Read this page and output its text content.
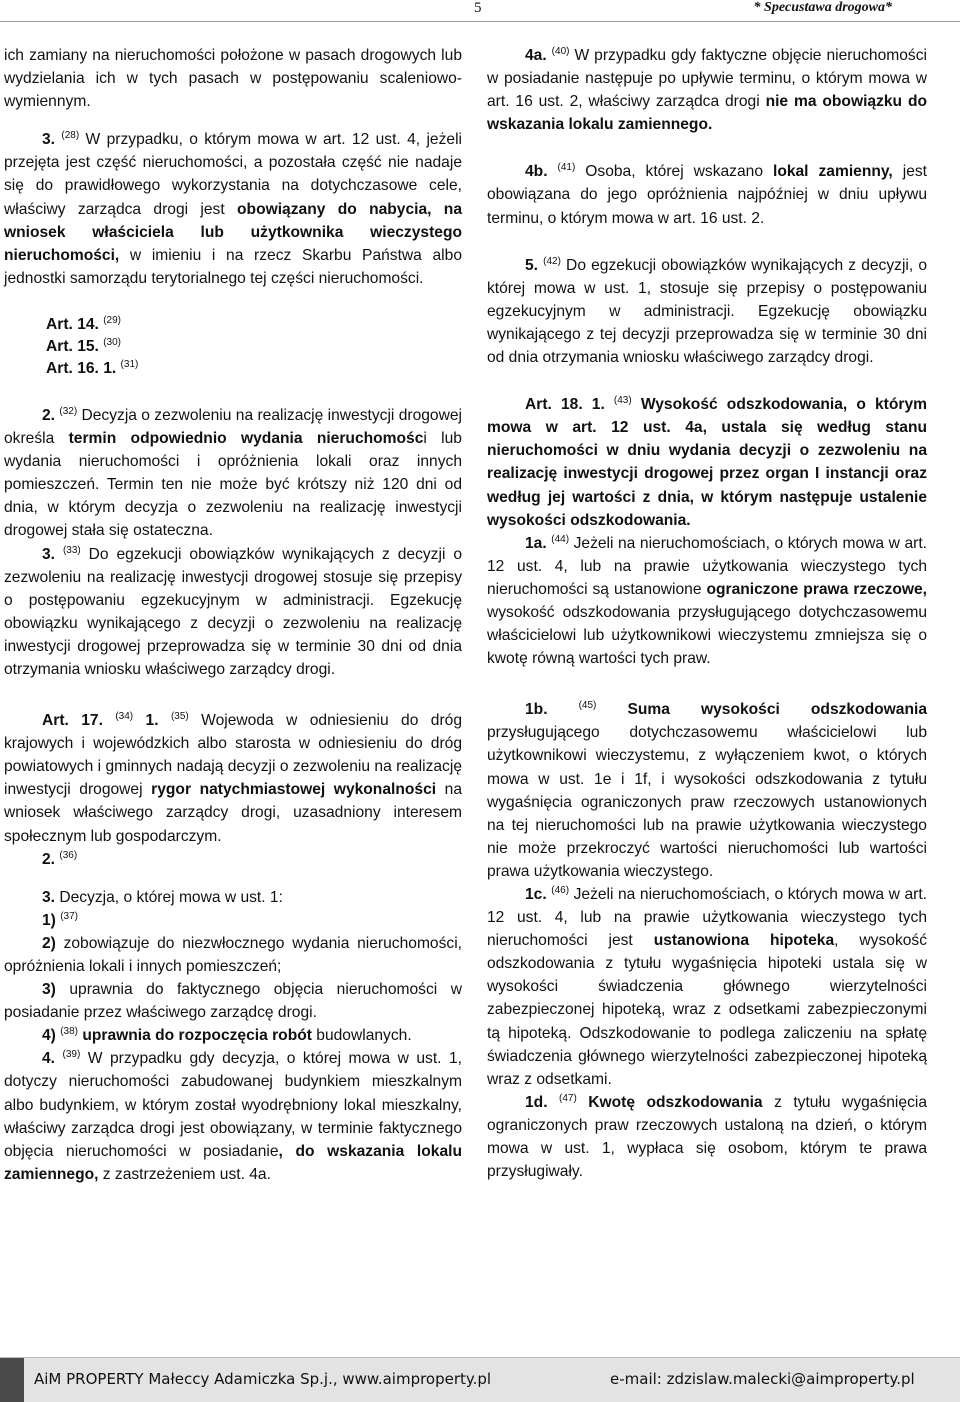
5	* Specustawa drogowa*

ich zamiany na nieruchomości położone w pasach drogowych lub wydzielania ich w tych pasach w postępowaniu scaleniowo-wymiennym.

3. $^{(28)}$ W przypadku, o którym mowa w art. 12 ust. 4, jeżeli przejęta jest część nieruchomości, a pozostała część nie nadaje się do prawidłowego wykorzystania na dotychczasowe cele, właściwy zarządca drogi jest obowiązany do nabycia, na wniosek właściciela lub użytkownika wieczystego nieruchomości, w imieniu i na rzecz Skarbu Państwa albo jednostki samorządu terytorialnego tej części nieruchomości.

Art. 14. $^{(29)}$

Art. 15. $^{(30)}$

Art. 16. 1. $^{(31)}$

2. $^{(32)}$ Decyzja o zezwoleniu na realizację inwestycji drogowej określa termin odpowiednio wydania nieruchomości lub wydania nieruchomości i opróżnienia lokali oraz innych pomieszczeń. Termin ten nie może być krótszy niż 120 dni od dnia, w którym decyzja o zezwoleniu na realizację inwestycji drogowej stała się ostateczna.

3. $^{(33)}$ Do egzekucji obowiązków wynikających z decyzji o zezwoleniu na realizację inwestycji drogowej stosuje się przepisy o postępowaniu egzekucyjnym w administracji. Egzekucję obowiązku wynikającego z decyzji o zezwoleniu na realizację inwestycji drogowej przeprowadza się w terminie 30 dni od dnia otrzymania wniosku właściwego zarządcy drogi.

Art. 17. $^{(34)}$ 1. $^{(35)}$ Wojewoda w odniesieniu do dróg krajowych i wojewódzkich albo starosta w odniesieniu do dróg powiatowych i gminnych nadają decyzji o zezwoleniu na realizację inwestycji drogowej rygor natychmiastowej wykonalności na wniosek właściwego zarządcy drogi, uzasadniony interesem społecznym lub gospodarczym.

2. $^{(36)}$

3. Decyzja, o której mowa w ust. 1:

1) $^{(37)}$

2) zobowiązuje do niezwłocznego wydania nieruchomości, opróżnienia lokali i innych pomieszczeń;

3) uprawnia do faktycznego objęcia nieruchomości w posiadanie przez właściwego zarządcę drogi.

4) $^{(38)}$ uprawnia do rozpoczęcia robót budowlanych.

4. $^{(39)}$ W przypadku gdy decyzja, o której mowa w ust. 1, dotyczy nieruchomości zabudowanej budynkiem mieszkalnym albo budynkiem, w którym został wyodrębniony lokal mieszkalny, właściwy zarządca drogi jest obowiązany, w terminie faktycznego objęcia nieruchomości w posiadanie, do wskazania lokalu zamiennego, z zastrzeżeniem ust. 4a.

4a. $^{(40)}$ W przypadku gdy faktyczne objęcie nieruchomości w posiadanie następuje po upływie terminu, o którym mowa w art. 16 ust. 2, właściwy zarządca drogi nie ma obowiązku do wskazania lokalu zamiennego.

4b. $^{(41)}$ Osoba, której wskazano lokal zamienny, jest obowiązana do jego opróżnienia najpóźniej w dniu upływu terminu, o którym mowa w art. 16 ust. 2.

5. $^{(42)}$ Do egzekucji obowiązków wynikających z decyzji, o której mowa w ust. 1, stosuje się przepisy o postępowaniu egzekucyjnym w administracji. Egzekucję obowiązku wynikającego z tej decyzji przeprowadza się w terminie 30 dni od dnia otrzymania wniosku właściwego zarządcy drogi.

Art. 18. 1. $^{(43)}$ Wysokość odszkodowania, o którym mowa w art. 12 ust. 4a, ustala się według stanu nieruchomości w dniu wydania decyzji o zezwoleniu na realizację inwestycji drogowej przez organ I instancji oraz według jej wartości z dnia, w którym następuje ustalenie wysokości odszkodowania.

1a. $^{(44)}$ Jeżeli na nieruchomościach, o których mowa w art. 12 ust. 4, lub na prawie użytkowania wieczystego tych nieruchomości są ustanowione ograniczone prawa rzeczowe, wysokość odszkodowania przysługującego dotychczasowemu właścicielowi lub użytkownikowi wieczystemu zmniejsza się o kwotę równą wartości tych praw.

1b.	$^{(45)}$ Suma wysokości odszkodowania przysługującego dotychczasowemu właścicielowi lub użytkownikowi wieczystemu, z wyłączeniem kwot, o których mowa w ust. 1e i 1f, i wysokości odszkodowania z tytułu wygaśnięcia ograniczonych praw rzeczowych ustanowionych na tej nieruchomości lub na prawie użytkowania wieczystego nie może przekroczyć wartości nieruchomości lub wartości prawa użytkowania wieczystego.

1c. $^{(46)}$ Jeżeli na nieruchomościach, o których mowa w art. 12 ust. 4, lub na prawie użytkowania wieczystego tych nieruchomości jest ustanowiona hipoteka, wysokość odszkodowania z tytułu wygaśnięcia hipoteki ustala się w wysokości świadczenia głównego wierzytelności zabezpieczonej hipoteką, wraz z odsetkami zabezpieczonymi tą hipoteką. Odszkodowanie to podlega zaliczeniu na spłatę świadczenia głównego wierzytelności zabezpieczonej hipoteką wraz z odsetkami.

1d. $^{(47)}$ Kwotę odszkodowania z tytułu wygaśnięcia ograniczonych praw rzeczowych ustaloną na dzień, o którym mowa w ust. 1, wypłaca się osobom, którym te prawa przysługiwały.

AiM PROPERTY Małeccy Adamiczka Sp.j., www.aimproperty.pl	e-mail: zdzislaw.malecki@aimproperty.pl
